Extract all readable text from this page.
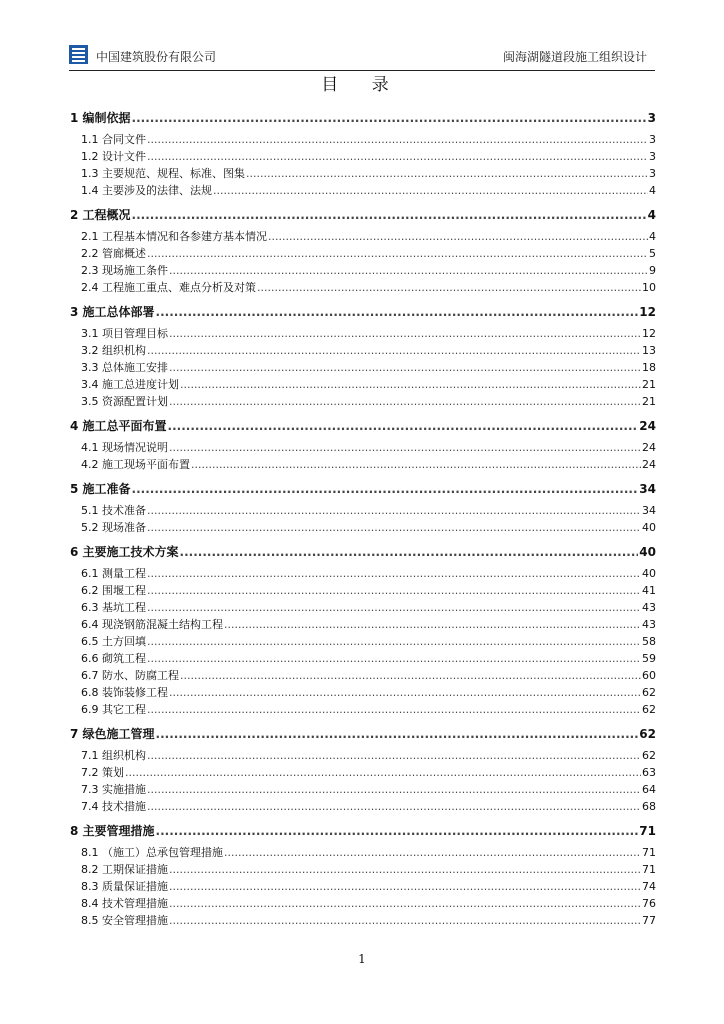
中国建筑股份有限公司	闽海湖隧道段施工组织设计
目 录
1 编制依据 .....	3
1.1 合同文件 .....	3
1.2 设计文件 .....	3
1.3 主要规范、规程、标准、图集 .....	3
1.4 主要涉及的法律、法规 .....	4
2 工程概况 .....	4
2.1 工程基本情况和各参建方基本情况 .....	4
2.2 管廊概述 .....	5
2.3 现场施工条件 .....	9
2.4 工程施工重点、难点分析及对策 .....	10
3 施工总体部署 .....	12
3.1 项目管理目标 .....	12
3.2 组织机构 .....	13
3.3 总体施工安排 .....	18
3.4 施工总进度计划 .....	21
3.5 资源配置计划 .....	21
4 施工总平面布置 .....	24
4.1 现场情况说明 .....	24
4.2 施工现场平面布置 .....	24
5 施工准备 .....	34
5.1 技术准备 .....	34
5.2 现场准备 .....	40
6 主要施工技术方案 .....	40
6.1 测量工程 .....	40
6.2 围堰工程 .....	41
6.3 基坑工程 .....	43
6.4 现浇钢筋混凝土结构工程 .....	43
6.5 土方回填 .....	58
6.6 砌筑工程 .....	59
6.7 防水、防腐工程 .....	60
6.8 装饰装修工程 .....	62
6.9 其它工程 .....	62
7 绿色施工管理 .....	62
7.1 组织机构 .....	62
7.2 策划 .....	63
7.3 实施措施 .....	64
7.4 技术措施 .....	68
8 主要管理措施 .....	71
8.1 （施工）总承包管理措施 .....	71
8.2 工期保证措施 .....	71
8.3 质量保证措施 .....	74
8.4 技术管理措施 .....	76
8.5 安全管理措施 .....	77
1
